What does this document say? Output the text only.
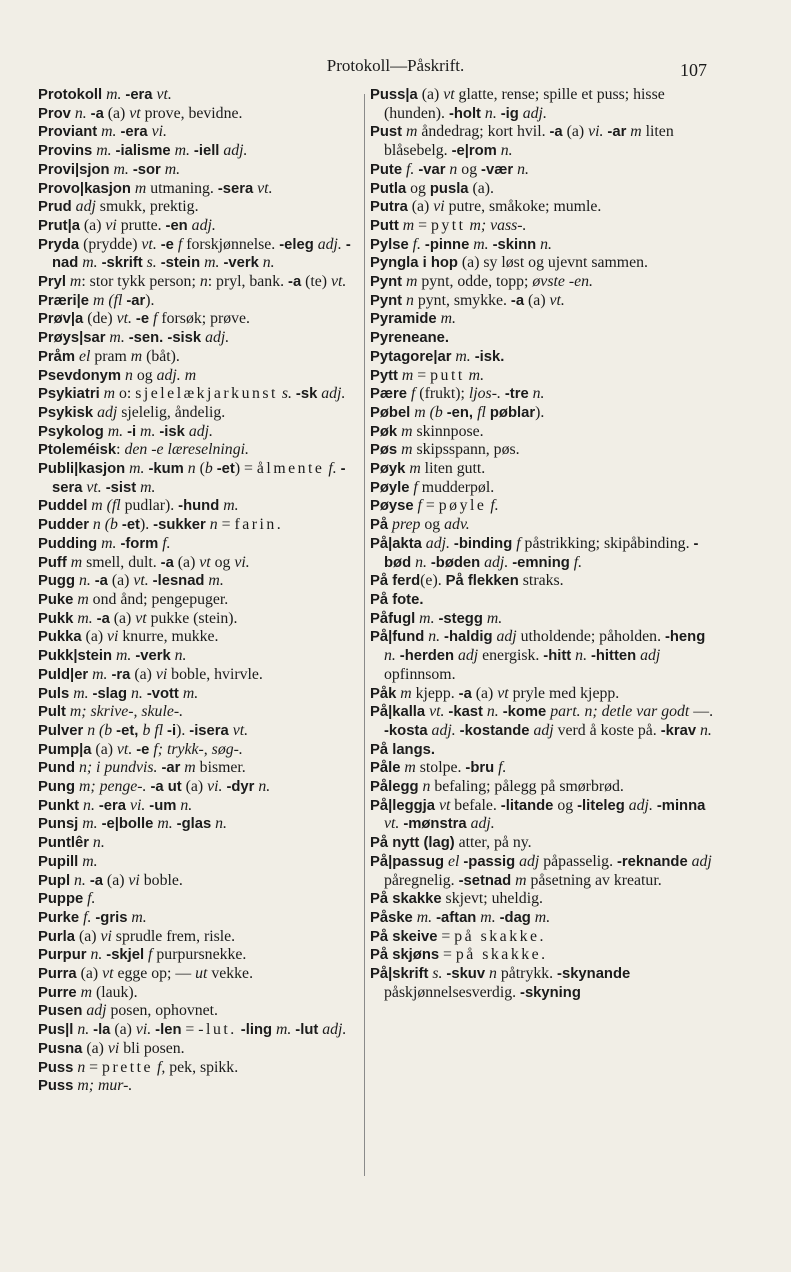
Protokoll—Påskrift.	107
Protokoll m. -era vt.
Prov n. -a (a) vt prove, bevidne.
Proviant m. -era vi.
Provins m. -ialisme m. -iell adj.
Provi|sjon m. -sor m.
Provo|kasjon m utmaning. -sera vt.
Prud adj smukk, prektig.
Prut|a (a) vi prutte. -en adj.
Pryda (prydde) vt. -e f forskjønnelse. -eleg adj. -nad m. -skrift s. -stein m. -verk n.
Pryl m: stor tykk person; n: pryl, bank. -a (te) vt.
Præri|e m (fl -ar).
Prøv|a (de) vt. -e f forsøk; prøve.
Prøys|sar m. -sen. -sisk adj.
Pråm el pram m (båt).
Psevdonym n og adj. m
Psykiatri m o: sjelelækjarkunst s. -sk adj.
Psykisk adj sjelelig, åndelig.
Psykolog m. -i m. -isk adj.
Ptoleméisk: den -e læreselningi.
Publi|kasjon m. -kum n (b -et) = ålmente f. -sera vt. -sist m.
Puddel m (fl pudlar). -hund m.
Pudder n (b -et). -sukker n = farin.
Pudding m. -form f.
Puff m smell, dult. -a (a) vt og vi.
Pugg n. -a (a) vt. -lesnad m.
Puke m ond ånd; pengepuger.
Pukk m. -a (a) vt pukke (stein).
Pukka (a) vi knurre, mukke.
Pukk|stein m. -verk n.
Puld|er m. -ra (a) vi boble, hvirvle.
Puls m. -slag n. -vott m.
Pult m; skrive-, skule-.
Pulver n (b -et, b fl -i). -isera vt.
Pump|a (a) vt. -e f; trykk-, søg-.
Pund n; i pundvis. -ar m bismer.
Pung m; penge-. -a ut (a) vi. -dyr n.
Punkt n. -era vi. -um n.
Punsj m. -e|bolle m. -glas n.
Puntlêr n.
Pupill m.
Pupl n. -a (a) vi boble.
Puppe f.
Purke f. -gris m.
Purla (a) vi sprudle frem, risle.
Purpur n. -skjel f purpursnekke.
Purra (a) vt egge op; — ut vekke.
Purre m (lauk).
Pusen adj posen, ophovnet.
Pus|l n. -la (a) vi. -len = -lut. -ling m. -lut adj.
Pusna (a) vi bli posen.
Puss n = prette f, pek, spikk.
Puss m; mur-.
Puss|a (a) vt glatte, rense; spille et puss; hisse (hunden). -holt n. -ig adj.
Pust m åndedrag; kort hvil. -a (a) vi. -ar m liten blåsebelg. -e|rom n.
Pute f. -var n og -vær n.
Putla og pusla (a).
Putra (a) vi putre, småkoke; mumle.
Putt m = pytt m; vass-.
Pylse f. -pinne m. -skinn n.
Pyngla i hop (a) sy løst og ujevnt sammen.
Pynt m pynt, odde, topp; øvste -en.
Pynt n pynt, smykke. -a (a) vt.
Pyramide m.
Pyreneane.
Pytagore|ar m. -isk.
Pytt m = putt m.
Pære f (frukt); ljos-. -tre n.
Pøbel m (b -en, fl pøblar).
Pøk m skinnpose.
Pøs m skipsspann, pøs.
Pøyk m liten gutt.
Pøyle f mudderpøl.
Pøyse f = pøyle f.
På prep og adv.
På|akta adj. -binding f påstrikking; skipåbinding. -bød n. -bøden adj. -emning f.
På ferd(e). På flekken straks.
På fote.
Påfugl m. -stegg m.
På|fund n. -haldig adj utholdende; påholden. -heng n. -herden adj energisk. -hitt n. -hitten adj opfinnsom.
Påk m kjepp. -a (a) vt pryle med kjepp.
På|kalla vt. -kast n. -kome part. n; detle var godt —. -kosta adj. -kostande adj verd å koste på. -krav n.
På langs.
Påle m stolpe. -bru f.
Pålegg n befaling; pålegg på smørbrød.
På|leggja vt befale. -litande og -liteleg adj. -minna vt. -mønstra adj.
På nytt (lag) atter, på ny.
På|passug el -passig adj påpasselig. -reknande adj påregnelig. -setnad m påsetning av kreatur.
På skakke skjevt; uheldig.
Påske m. -aftan m. -dag m.
På skeive = på skakke.
På skjøns = på skakke.
På|skrift s. -skuv n påtrykk. -skynande påskjønnelsesverdig. -skyning
